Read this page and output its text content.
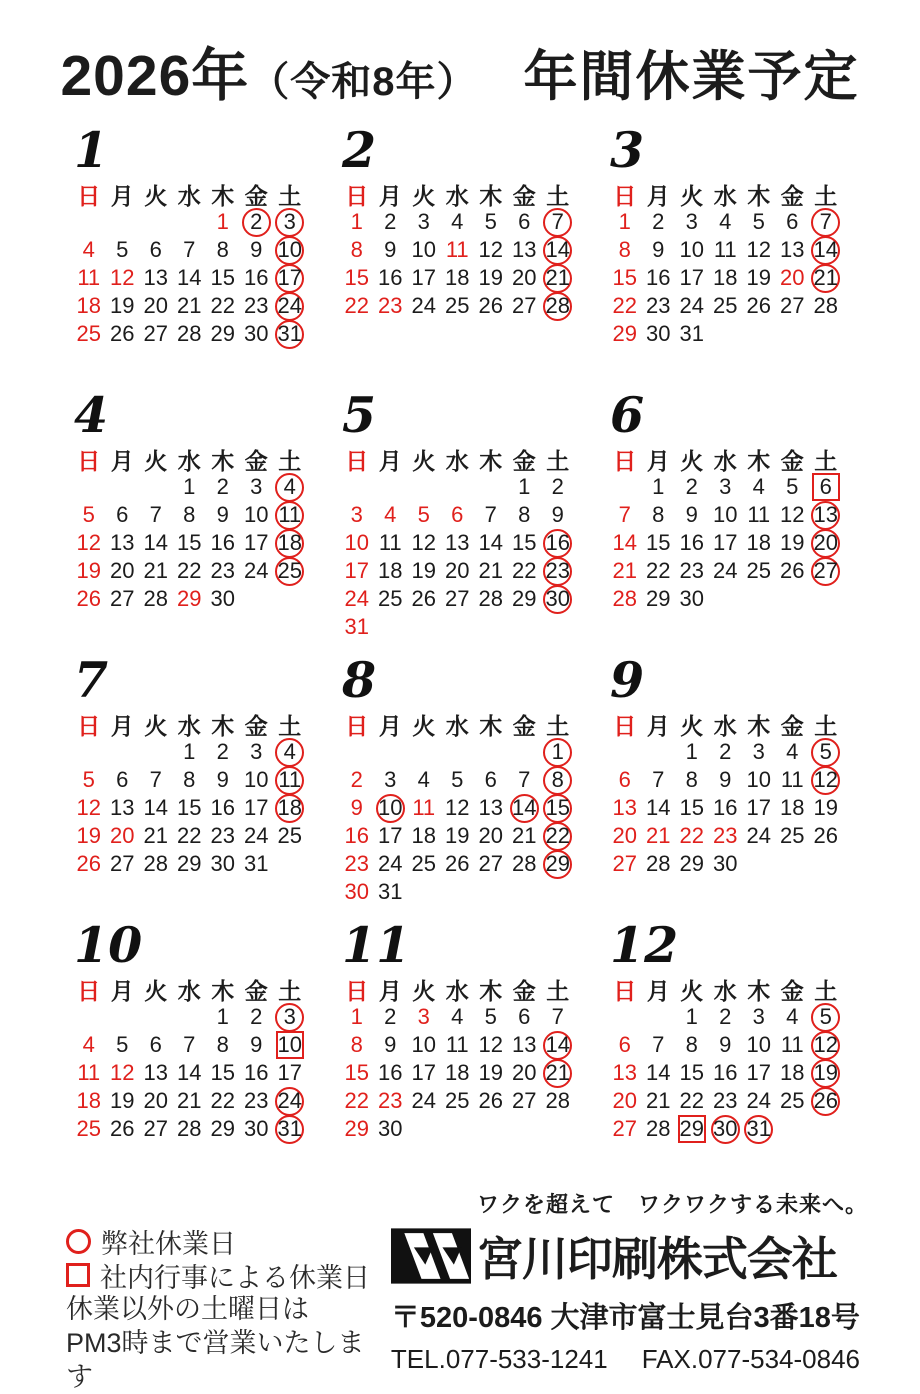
2026年 （令和8年） 年間休業予定
1
日 月 火 水 木 金 土
1 2 3
4 5 6 7 8 9 10
11 12 13 14 15 16 17
18 19 20 21 22 23 24
25 26 27 28 29 30 31
2
日 月 火 水 木 金 土
1 2 3 4 5 6 7
8 9 10 11 12 13 14
15 16 17 18 19 20 21
22 23 24 25 26 27 28
3
日 月 火 水 木 金 土
1 2 3 4 5 6 7
8 9 10 11 12 13 14
15 16 17 18 19 20 21
22 23 24 25 26 27 28
29 30 31
4
日 月 火 水 木 金 土
1 2 3 4
5 6 7 8 9 10 11
12 13 14 15 16 17 18
19 20 21 22 23 24 25
26 27 28 29 30
5
日 月 火 水 木 金 土
1 2
3 4 5 6 7 8 9
10 11 12 13 14 15 16
17 18 19 20 21 22 23
24 25 26 27 28 29 30
31
6
日 月 火 水 木 金 土
1 2 3 4 5 6
7 8 9 10 11 12 13
14 15 16 17 18 19 20
21 22 23 24 25 26 27
28 29 30
7
日 月 火 水 木 金 土
1 2 3 4
5 6 7 8 9 10 11
12 13 14 15 16 17 18
19 20 21 22 23 24 25
26 27 28 29 30 31
8
日 月 火 水 木 金 土
1
2 3 4 5 6 7 8
9 10 11 12 13 14 15
16 17 18 19 20 21 22
23 24 25 26 27 28 29
30 31
9
日 月 火 水 木 金 土
1 2 3 4 5
6 7 8 9 10 11 12
13 14 15 16 17 18 19
20 21 22 23 24 25 26
27 28 29 30
10
日 月 火 水 木 金 土
1 2 3
4 5 6 7 8 9 10
11 12 13 14 15 16 17
18 19 20 21 22 23 24
25 26 27 28 29 30 31
11
日 月 火 水 木 金 土
1 2 3 4 5 6 7
8 9 10 11 12 13 14
15 16 17 18 19 20 21
22 23 24 25 26 27 28
29 30
12
日 月 火 水 木 金 土
1 2 3 4 5
6 7 8 9 10 11 12
13 14 15 16 17 18 19
20 21 22 23 24 25 26
27 28 29 30 31
弊社休業日
社内行事による休業日
休業以外の土曜日は
PM3時まで営業いたします
ワクを超えて　ワクワクする未来へ。
宮川印刷株式会社
〒520-0846 大津市富士見台3番18号
TEL.077-533-1241 FAX.077-534-0846
